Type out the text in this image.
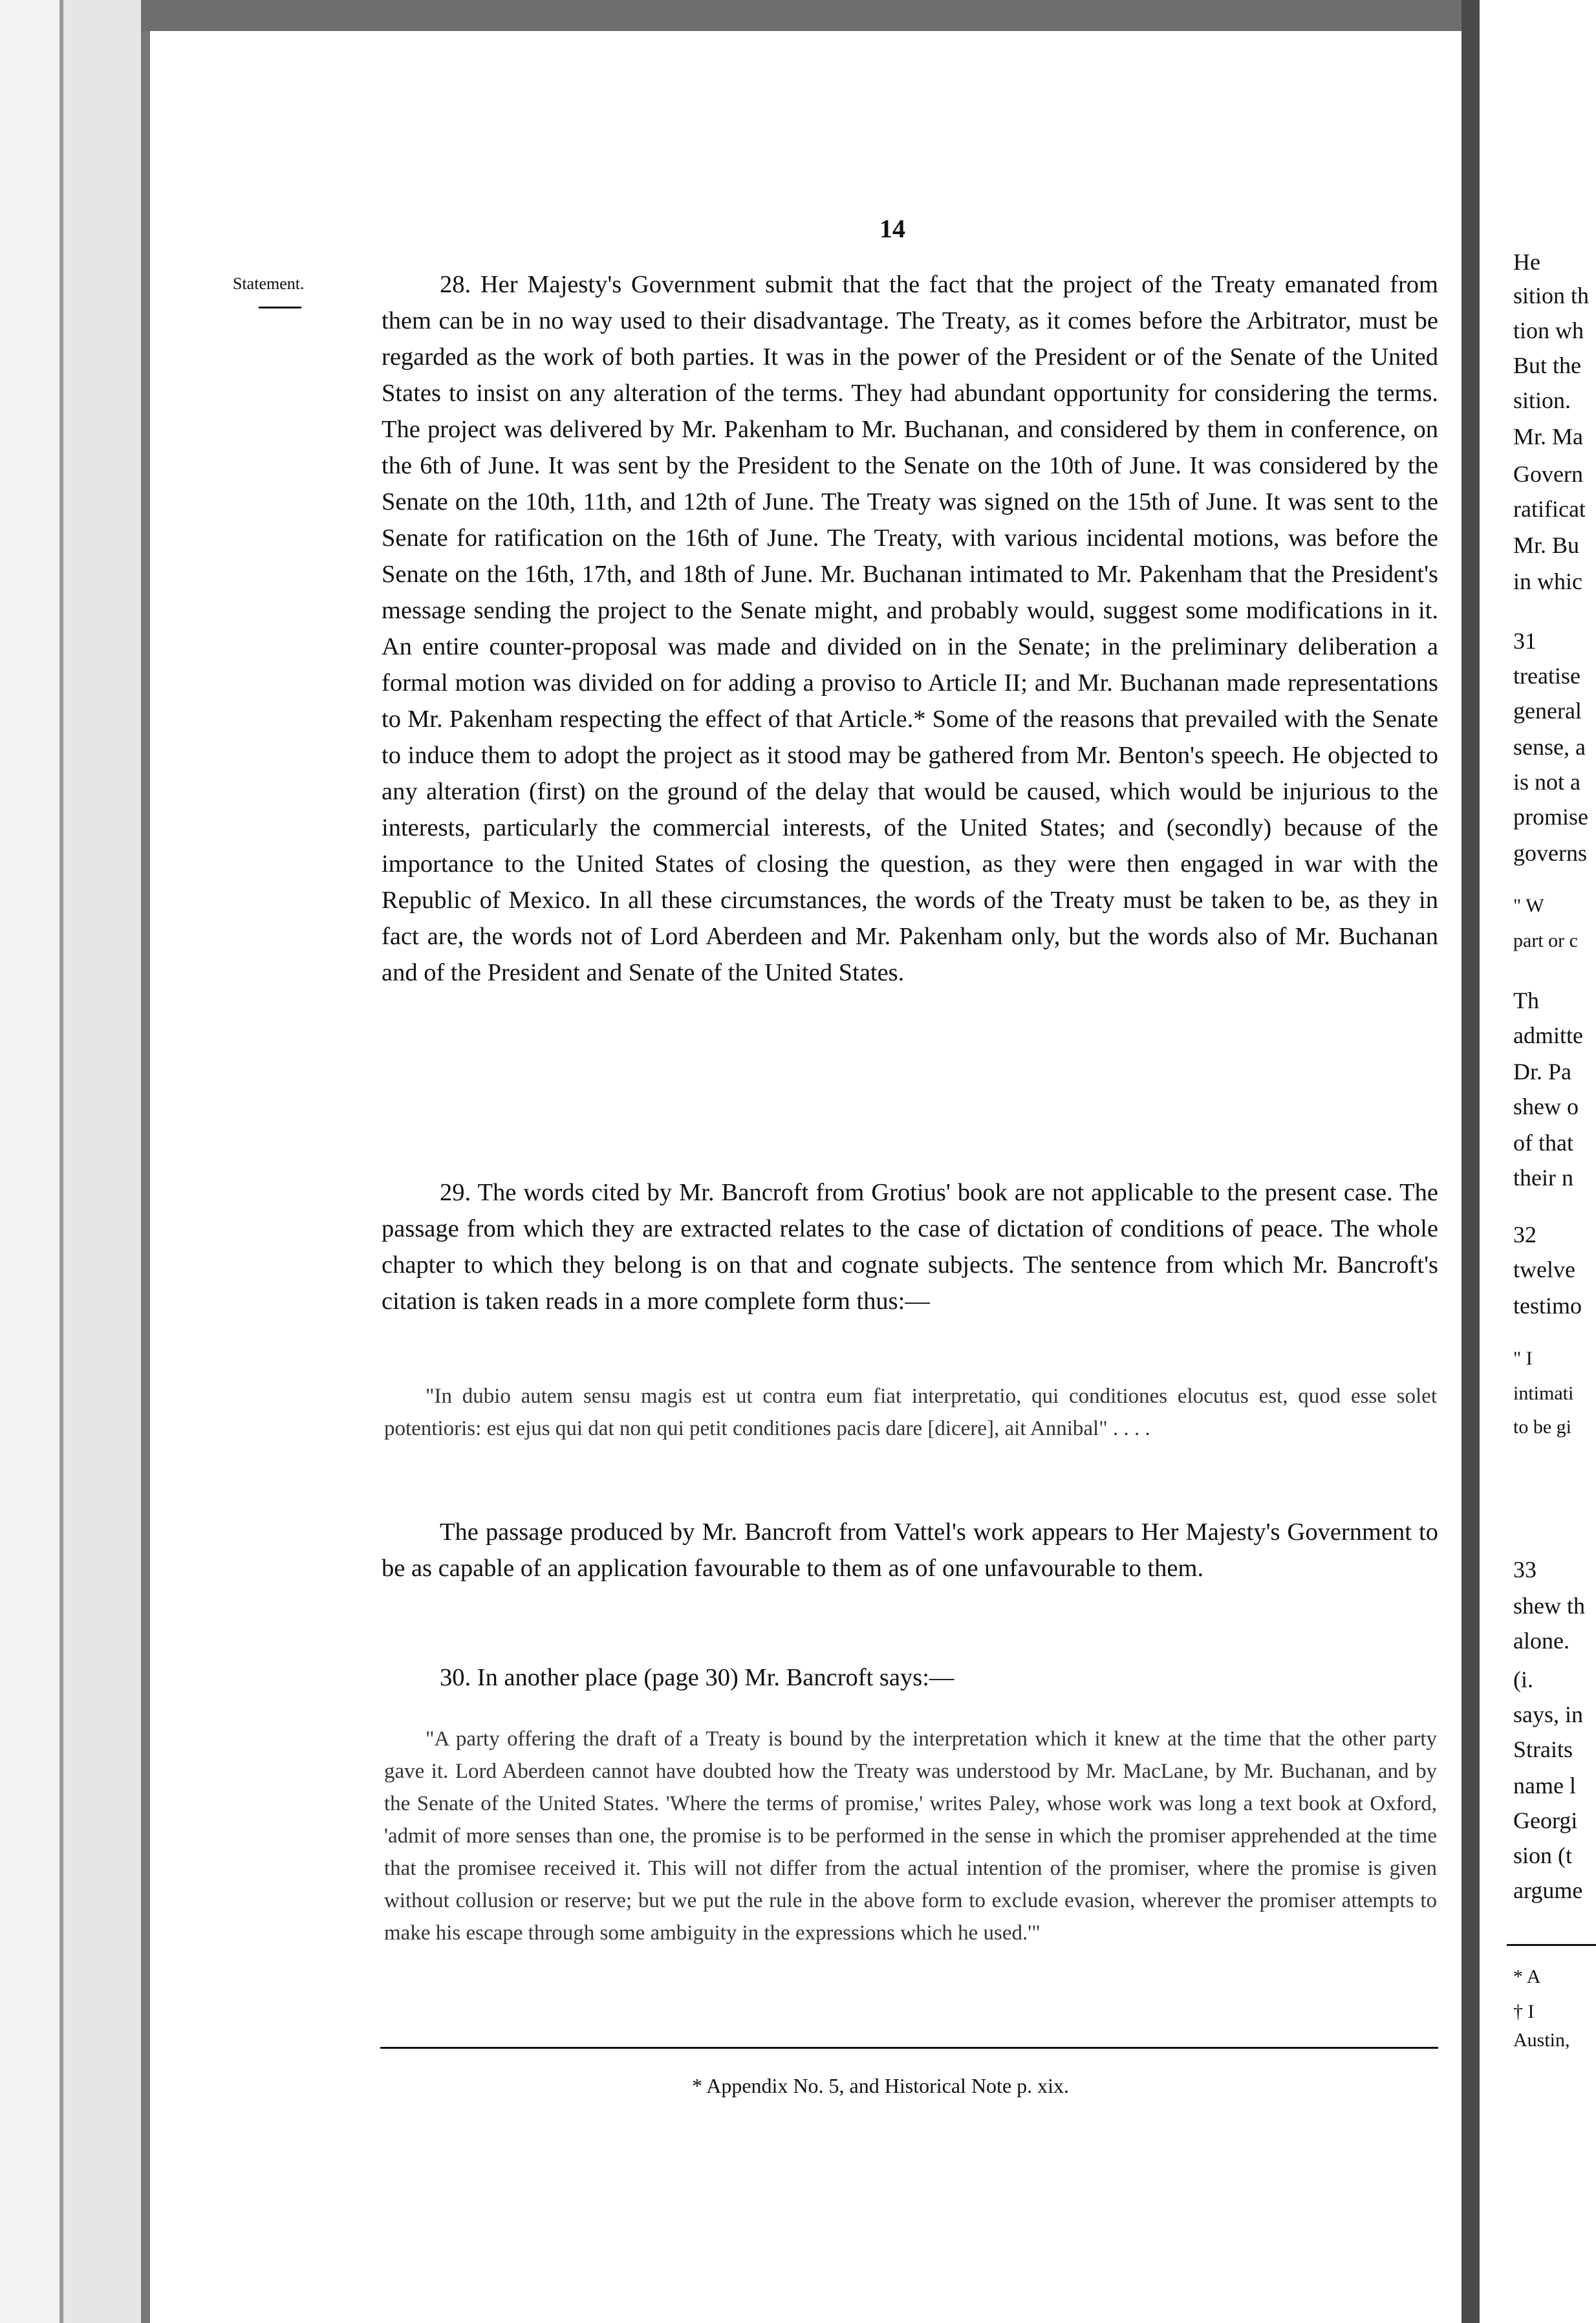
14
Statement.	28. Her Majesty's Government submit that the fact that the project of the Treaty emanated from them can be in no way used to their disadvantage. The Treaty, as it comes before the Arbitrator, must be regarded as the work of both parties. It was in the power of the President or of the Senate of the United States to insist on any alteration of the terms. They had abundant opportunity for considering the terms. The project was delivered by Mr. Pakenham to Mr. Buchanan, and considered by them in conference, on the 6th of June. It was sent by the President to the Senate on the 10th of June. It was considered by the Senate on the 10th, 11th, and 12th of June. The Treaty was signed on the 15th of June. It was sent to the Senate for ratification on the 16th of June. The Treaty, with various incidental motions, was before the Senate on the 16th, 17th, and 18th of June. Mr. Buchanan intimated to Mr. Pakenham that the President's message sending the project to the Senate might, and probably would, suggest some modifications in it. An entire counter-proposal was made and divided on in the Senate; in the preliminary deliberation a formal motion was divided on for adding a proviso to Article II; and Mr. Buchanan made representations to Mr. Pakenham respecting the effect of that Article.* Some of the reasons that prevailed with the Senate to induce them to adopt the project as it stood may be gathered from Mr. Benton's speech. He objected to any alteration (first) on the ground of the delay that would be caused, which would be injurious to the interests, particularly the commercial interests, of the United States; and (secondly) because of the importance to the United States of closing the question, as they were then engaged in war with the Republic of Mexico. In all these circumstances, the words of the Treaty must be taken to be, as they in fact are, the words not of Lord Aberdeen and Mr. Pakenham only, but the words also of Mr. Buchanan and of the President and Senate of the United States.

29. The words cited by Mr. Bancroft from Grotius' book are not applicable to the present case. The passage from which they are extracted relates to the case of dictation of conditions of peace. The whole chapter to which they belong is on that and cognate subjects. The sentence from which Mr. Bancroft's citation is taken reads in a more complete form thus:—

"In dubio autem sensu magis est ut contra eum fiat interpretatio, qui conditiones elocutus est, quod esse solet potentioris: est ejus qui dat non qui petit conditiones pacis dare [dicere], ait Annibal" . . . .

The passage produced by Mr. Bancroft from Vattel's work appears to Her Majesty's Government to be as capable of an application favourable to them as of one unfavourable to them.

30. In another place (page 30) Mr. Bancroft says:—

"A party offering the draft of a Treaty is bound by the interpretation which it knew at the time that the other party gave it. Lord Aberdeen cannot have doubted how the Treaty was understood by Mr. MacLane, by Mr. Buchanan, and by the Senate of the United States. 'Where the terms of promise,' writes Paley, whose work was long a text book at Oxford, 'admit of more senses than one, the promise is to be performed in the sense in which the promiser apprehended at the time that the promisee received it. This will not differ from the actual intention of the promiser, where the promise is given without collusion or reserve; but we put the rule in the above form to exclude evasion, wherever the promiser attempts to make his escape through some ambiguity in the expressions which he used.'"

* Appendix No. 5, and Historical Note p. xix.
He
sition th
tion wh
But the
sition.
Mr. Ma
Govern
ratificat
Mr. Bu
in whic
31
treatise
general
sense, a
is not a
promise
governs
" W
part or c
Th
admitte
Dr. Pa
shew o
of that
their n
32
twelve
testimo
" I
intimati
to be gi
33
shew th
alone.
(i.
says, in
Straits
name l
Georgi
sion (t
argume
* A
† I
Austin,
